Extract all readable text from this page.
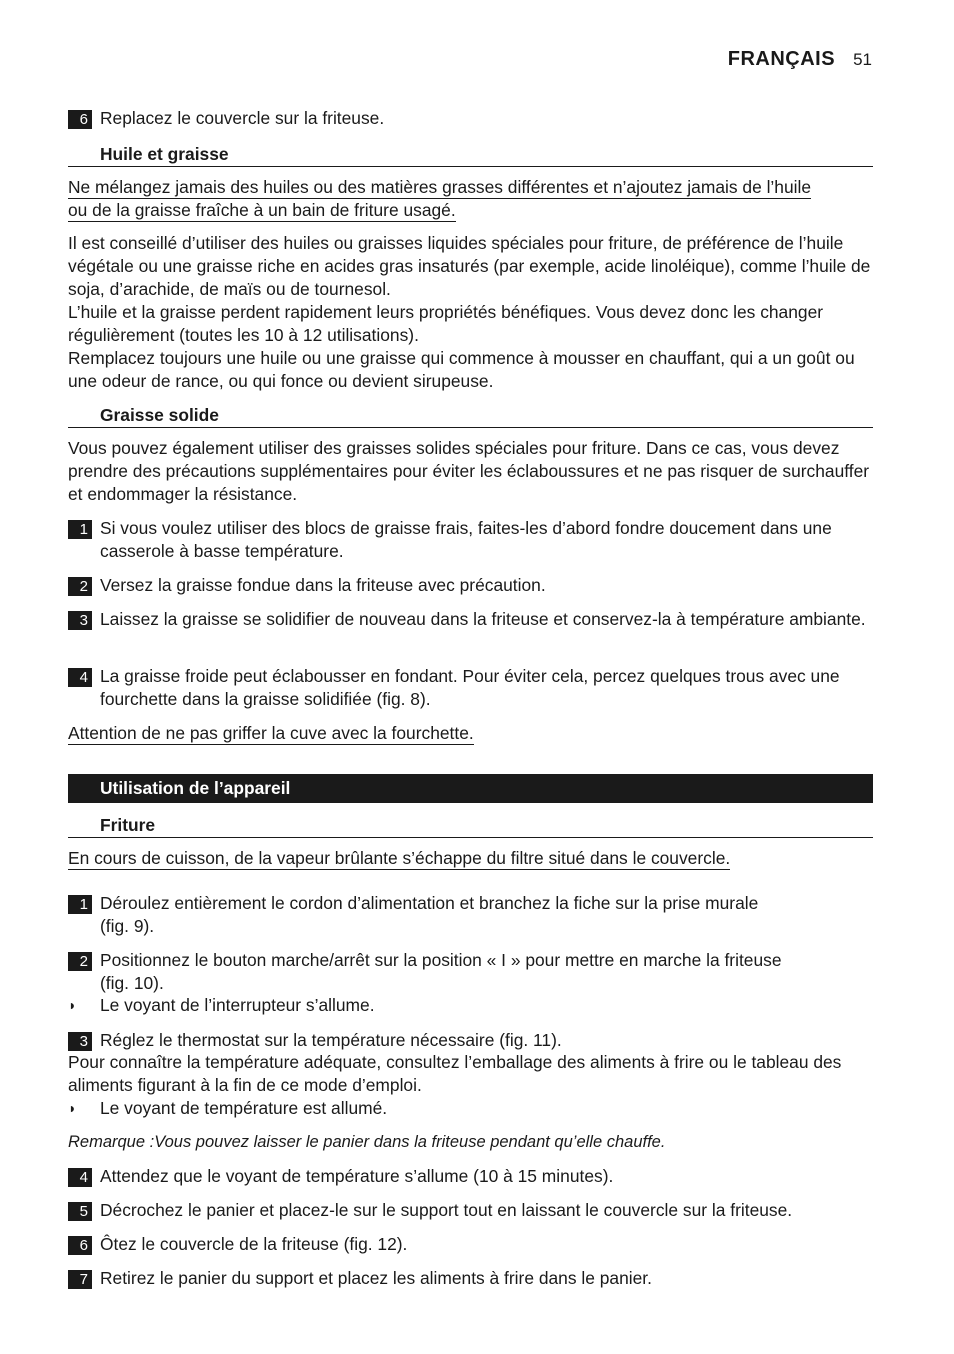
FRANÇAIS 51
6 Replacez le couvercle sur la friteuse.
Huile et graisse
Ne mélangez jamais des huiles ou des matières grasses différentes et n’ajoutez jamais de l’huile
ou de la graisse fraîche à un bain de friture usagé.
Il est conseillé d’utiliser des huiles ou graisses liquides spéciales pour friture, de préférence de l’huile végétale ou une graisse riche en acides gras insaturés (par exemple, acide linoléique), comme l’huile de soja, d’arachide, de maïs ou de tournesol.
L’huile et la graisse perdent rapidement leurs propriétés bénéfiques. Vous devez donc les changer régulièrement (toutes les 10 à 12 utilisations).
Remplacez toujours une huile ou une graisse qui commence à mousser en chauffant, qui a un goût ou une odeur de rance, ou qui fonce ou devient sirupeuse.
Graisse solide
Vous pouvez également utiliser des graisses solides spéciales pour friture. Dans ce cas, vous devez prendre des précautions supplémentaires pour éviter les éclaboussures et ne pas risquer de surchauffer et endommager la résistance.
1 Si vous voulez utiliser des blocs de graisse frais, faites-les d’abord fondre doucement dans une casserole à basse température.
2 Versez la graisse fondue dans la friteuse avec précaution.
3 Laissez la graisse se solidifier de nouveau dans la friteuse et conservez-la à température ambiante.
4 La graisse froide peut éclabousser en fondant. Pour éviter cela, percez quelques trous avec une fourchette dans la graisse solidifiée (fig. 8).
Attention de ne pas griffer la cuve avec la fourchette.
Utilisation de l’appareil
Friture
En cours de cuisson, de la vapeur brûlante s’échappe du filtre situé dans le couvercle.
1 Déroulez entièrement le cordon d’alimentation et branchez la fiche sur la prise murale (fig. 9).
2 Positionnez le bouton marche/arrêt sur la position « I » pour mettre en marche la friteuse (fig. 10).
◗ Le voyant de l’interrupteur s’allume.
3 Réglez le thermostat sur la température nécessaire (fig. 11).
Pour connaître la température adéquate, consultez l’emballage des aliments à frire ou le tableau des aliments figurant à la fin de ce mode d’emploi.
◗ Le voyant de température est allumé.
Remarque :Vous pouvez laisser le panier dans la friteuse pendant qu’elle chauffe.
4 Attendez que le voyant de température s’allume (10 à 15 minutes).
5 Décrochez le panier et placez-le sur le support tout en laissant le couvercle sur la friteuse.
6 Ôtez le couvercle de la friteuse (fig. 12).
7 Retirez le panier du support et placez les aliments à frire dans le panier.
